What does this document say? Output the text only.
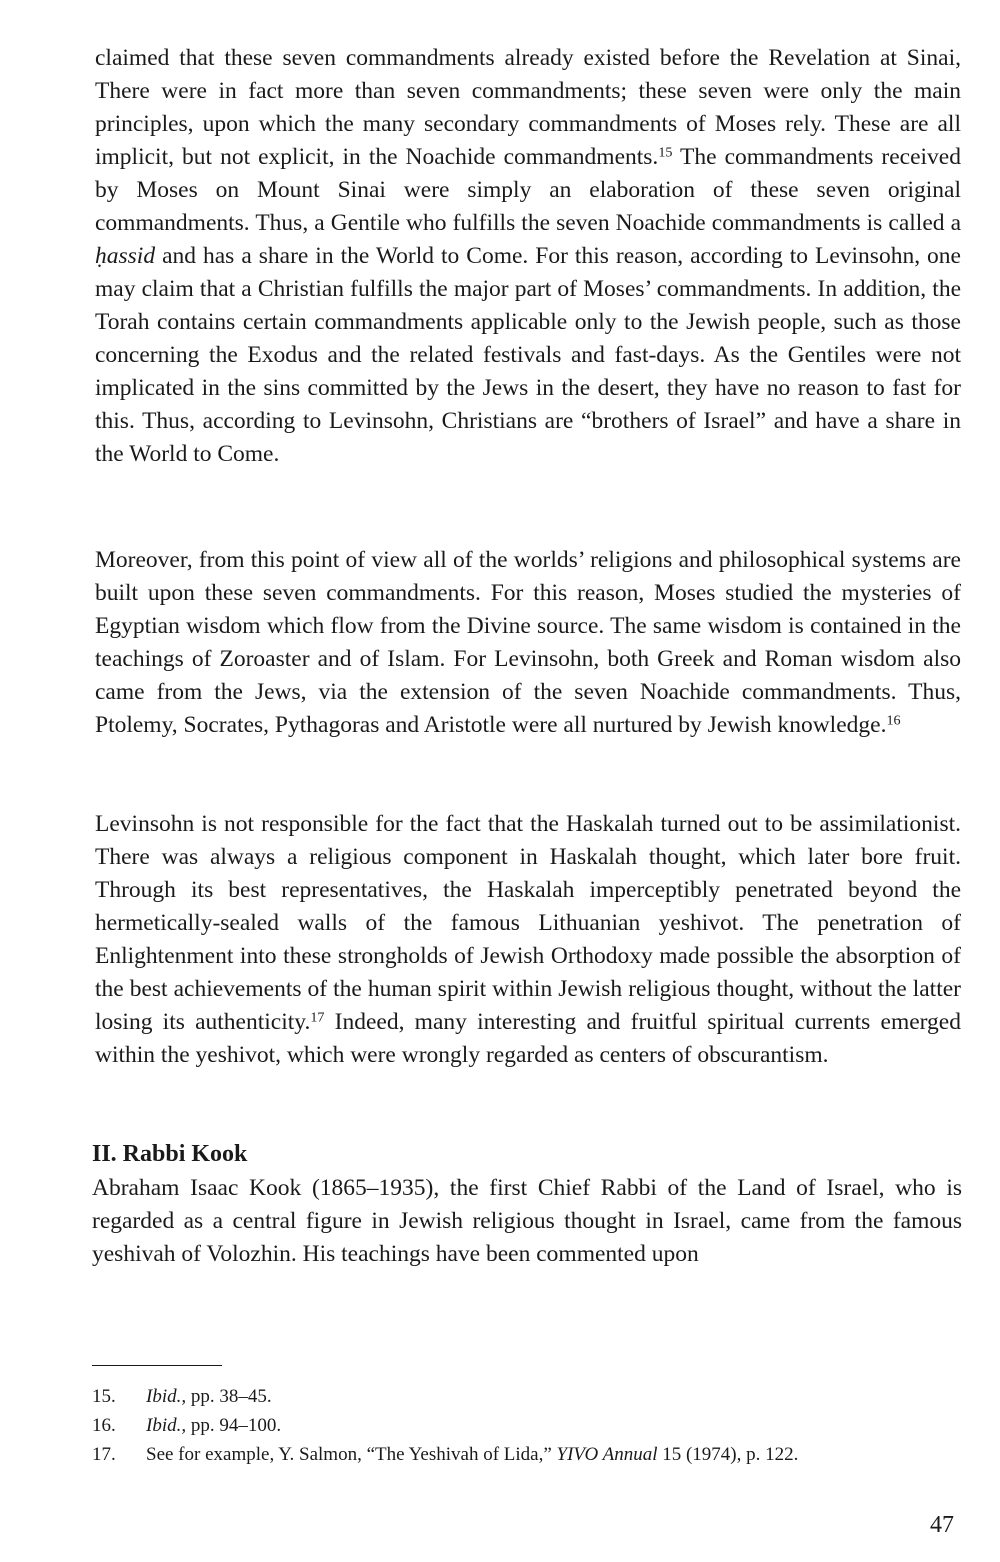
claimed that these seven commandments already existed before the Revelation at Sinai, There were in fact more than seven commandments; these seven were only the main principles, upon which the many secondary commandments of Moses rely. These are all implicit, but not explicit, in the Noachide commandments.$^{15}$ The commandments received by Moses on Mount Sinai were simply an elaboration of these seven original commandments. Thus, a Gentile who fulfills the seven Noachide commandments is called a ḥassid and has a share in the World to Come. For this reason, according to Levinsohn, one may claim that a Christian fulfills the major part of Moses’ commandments. In addition, the Torah contains certain commandments applicable only to the Jewish people, such as those concerning the Exodus and the related festivals and fast-days. As the Gentiles were not implicated in the sins committed by the Jews in the desert, they have no reason to fast for this. Thus, according to Levinsohn, Christians are “brothers of Israel” and have a share in the World to Come.

Moreover, from this point of view all of the worlds’ religions and philosophical systems are built upon these seven commandments. For this reason, Moses studied the mysteries of Egyptian wisdom which flow from the Divine source. The same wisdom is contained in the teachings of Zoroaster and of Islam. For Levinsohn, both Greek and Roman wisdom also came from the Jews, via the extension of the seven Noachide commandments. Thus, Ptolemy, Socrates, Pythagoras and Aristotle were all nurtured by Jewish knowledge.$^{16}$

Levinsohn is not responsible for the fact that the Haskalah turned out to be assimilationist. There was always a religious component in Haskalah thought, which later bore fruit. Through its best representatives, the Haskalah imperceptibly penetrated beyond the hermetically-sealed walls of the famous Lithuanian yeshivot. The penetration of Enlightenment into these strongholds of Jewish Orthodoxy made possible the absorption of the best achievements of the human spirit within Jewish religious thought, without the latter losing its authenticity.$^{17}$ Indeed, many interesting and fruitful spiritual currents emerged within the yeshivot, which were wrongly regarded as centers of obscurantism.

II. Rabbi Kook

Abraham Isaac Kook (1865–1935), the first Chief Rabbi of the Land of Israel, who is regarded as a central figure in Jewish religious thought in Israel, came from the famous yeshivah of Volozhin. His teachings have been commented upon

15.	Ibid., pp. 38–45.
16.	Ibid., pp. 94–100.
17.	See for example, Y. Salmon, “The Yeshivah of Lida,” YIVO Annual 15 (1974), p. 122.
47
